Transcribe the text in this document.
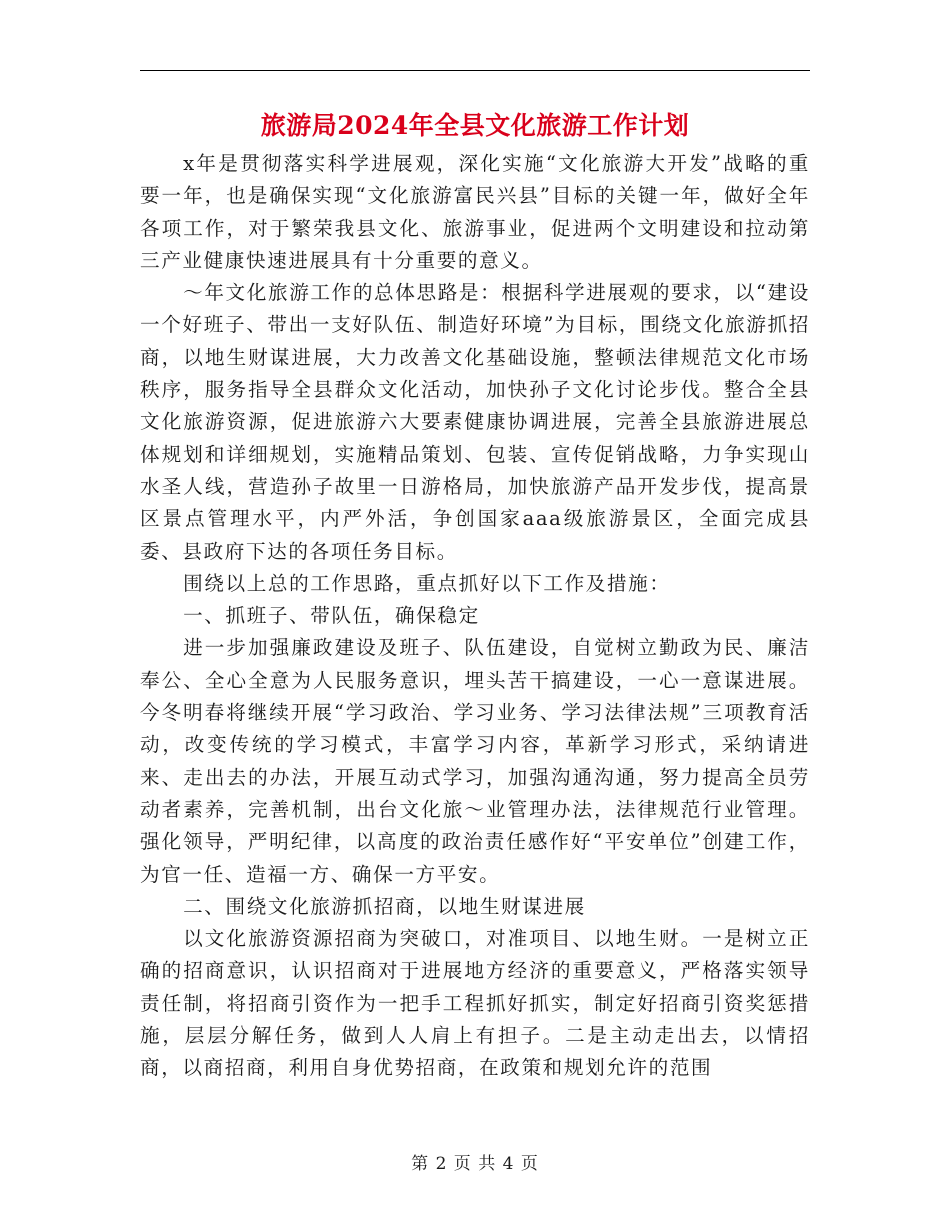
旅游局2024年全县文化旅游工作计划

x年是贯彻落实科学进展观，深化实施“文化旅游大开发”战略的重要一年，也是确保实现“文化旅游富民兴县”目标的关键一年，做好全年各项工作，对于繁荣我县文化、旅游事业，促进两个文明建设和拉动第三产业健康快速进展具有十分重要的意义。

～年文化旅游工作的总体思路是：根据科学进展观的要求，以“建设一个好班子、带出一支好队伍、制造好环境”为目标，围绕文化旅游抓招商，以地生财谋进展，大力改善文化基础设施，整顿法律规范文化市场秩序，服务指导全县群众文化活动，加快孙子文化讨论步伐。整合全县文化旅游资源，促进旅游六大要素健康协调进展，完善全县旅游进展总体规划和详细规划，实施精品策划、包装、宣传促销战略，力争实现山水圣人线，营造孙子故里一日游格局，加快旅游产品开发步伐，提高景区景点管理水平，内严外活，争创国家aaa级旅游景区，全面完成县委、县政府下达的各项任务目标。

围绕以上总的工作思路，重点抓好以下工作及措施：

一、抓班子、带队伍，确保稳定

进一步加强廉政建设及班子、队伍建设，自觉树立勤政为民、廉洁奉公、全心全意为人民服务意识，埋头苦干搞建设，一心一意谋进展。今冬明春将继续开展“学习政治、学习业务、学习法律法规”三项教育活动，改变传统的学习模式，丰富学习内容，革新学习形式，采纳请进来、走出去的办法，开展互动式学习，加强沟通沟通，努力提高全员劳动者素养，完善机制，出台文化旅～业管理办法，法律规范行业管理。强化领导，严明纪律，以高度的政治责任感作好“平安单位”创建工作，为官一任、造福一方、确保一方平安。

二、围绕文化旅游抓招商，以地生财谋进展

以文化旅游资源招商为突破口，对准项目、以地生财。一是树立正确的招商意识，认识招商对于进展地方经济的重要意义，严格落实领导责任制，将招商引资作为一把手工程抓好抓实，制定好招商引资奖惩措施，层层分解任务，做到人人肩上有担子。二是主动走出去，以情招商，以商招商，利用自身优势招商，在政策和规划允许的范围

第 2 页 共 4 页
